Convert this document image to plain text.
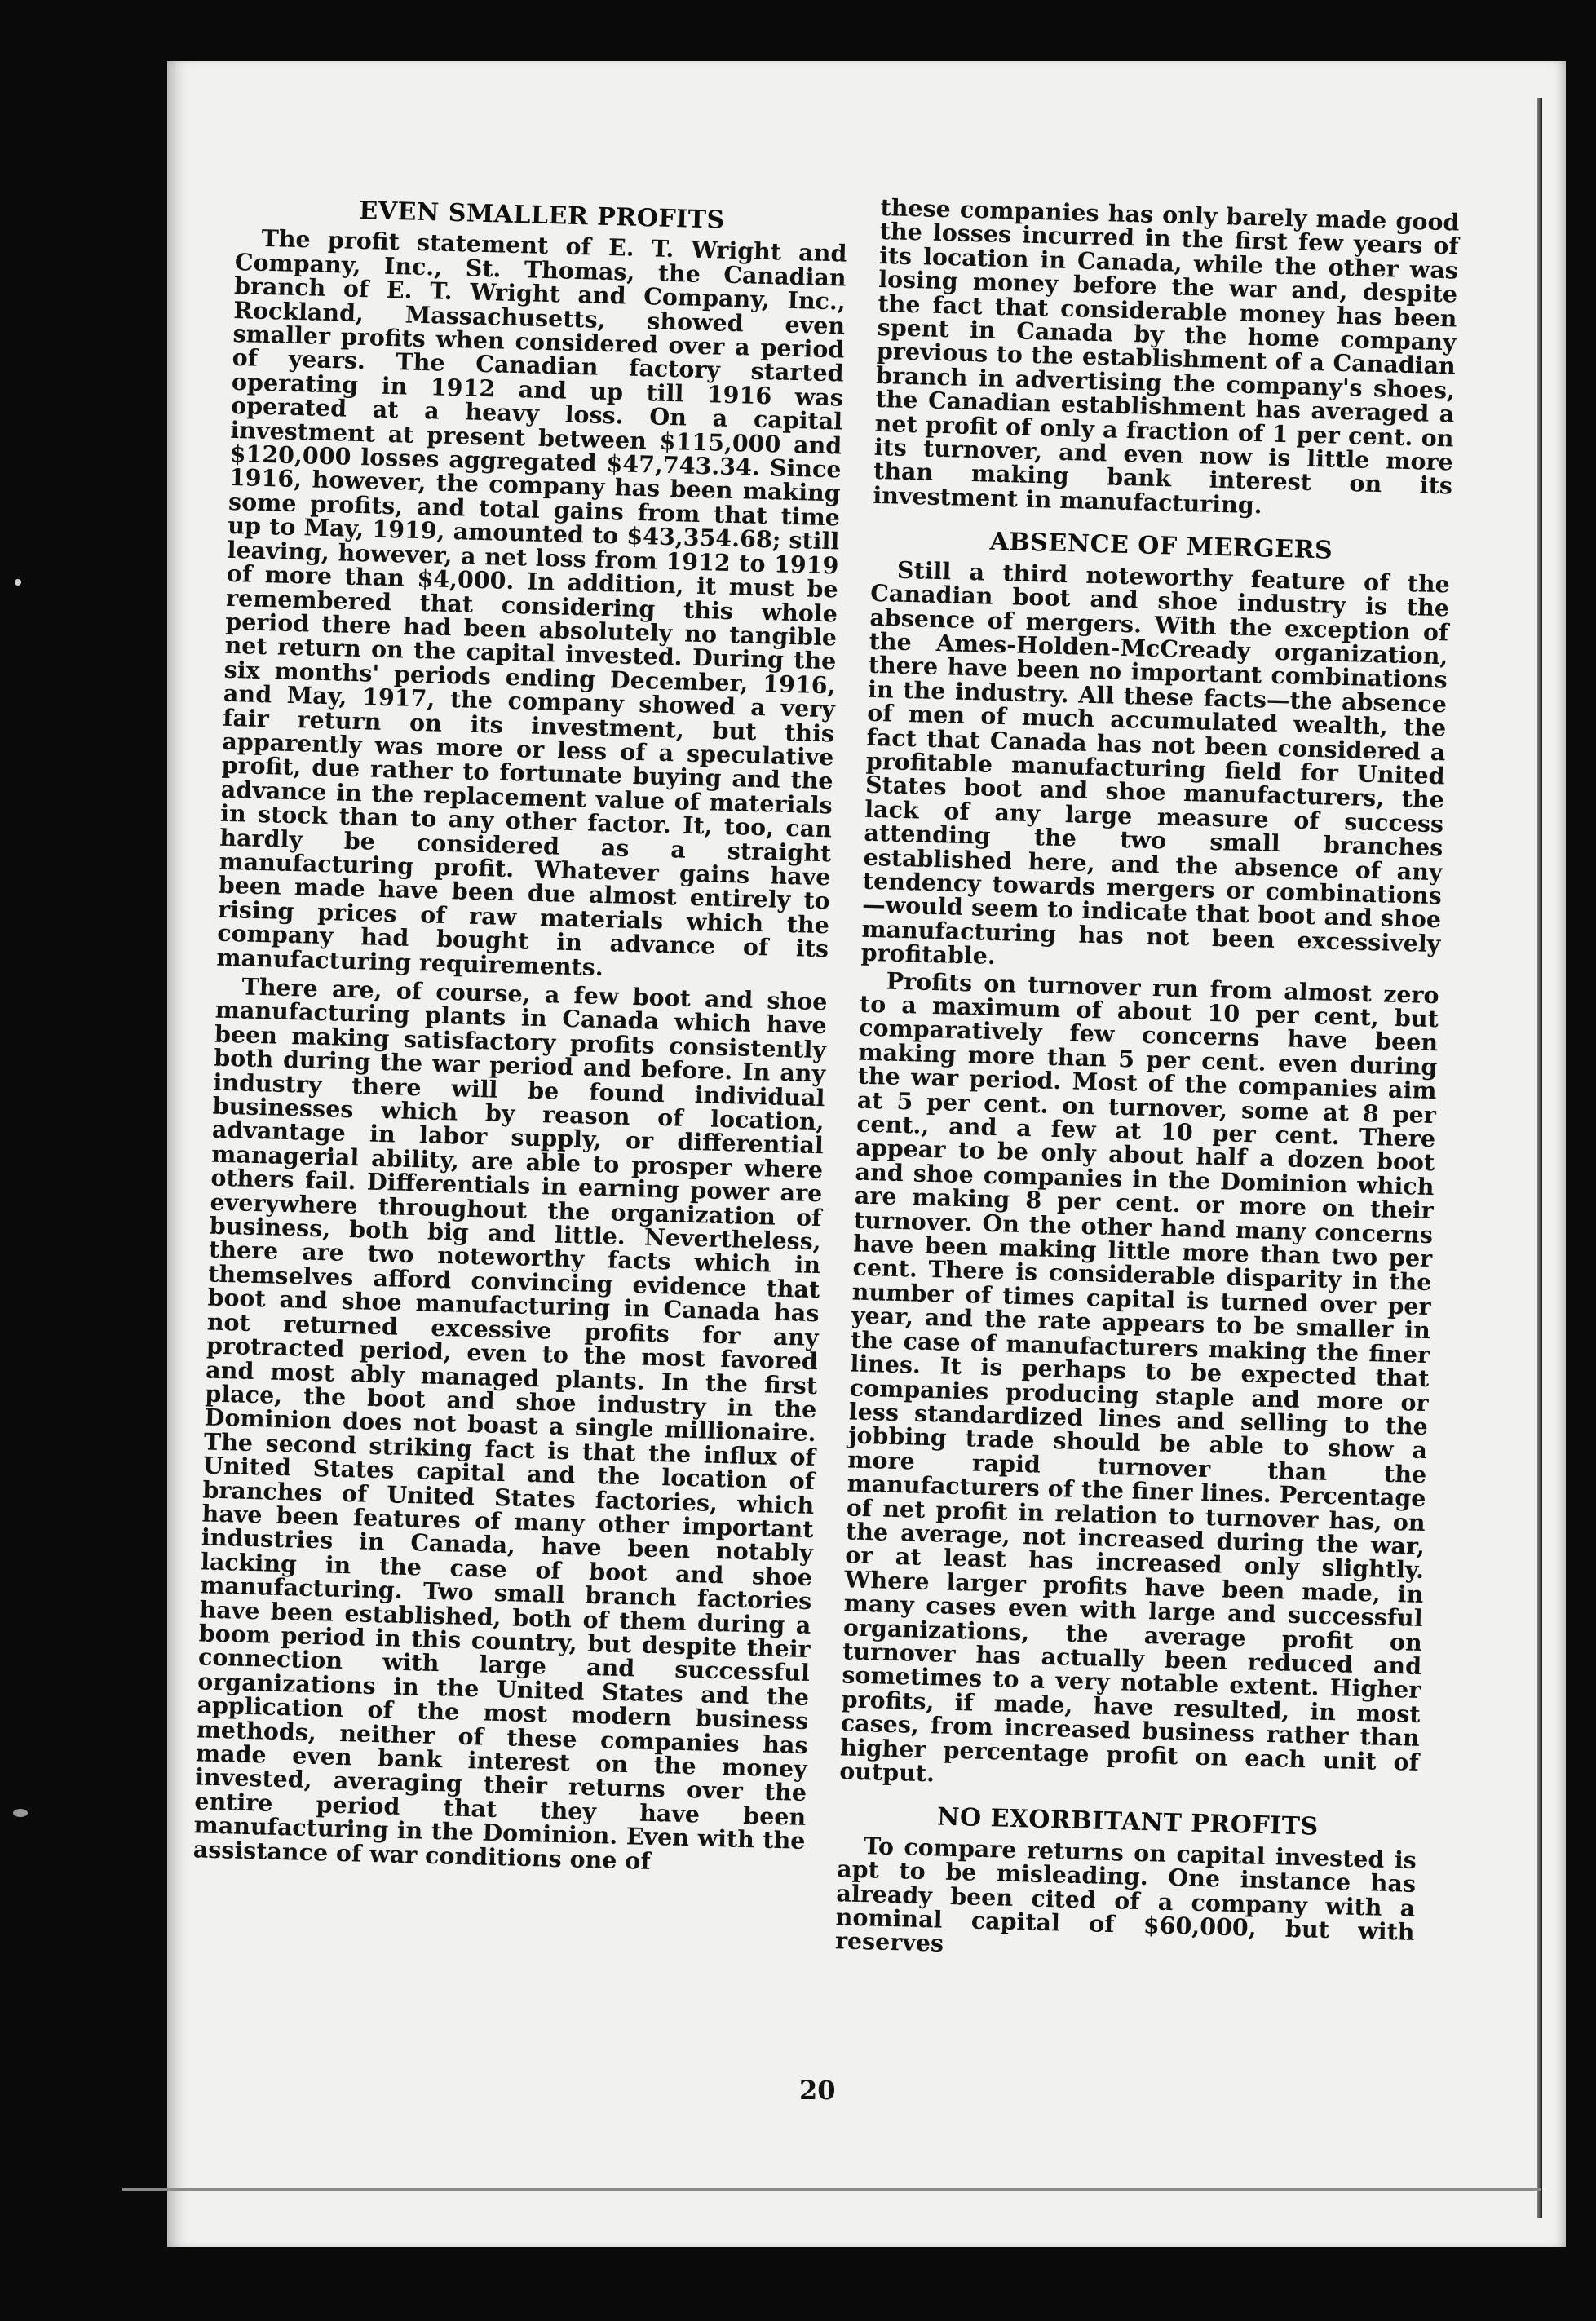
EVEN SMALLER PROFITS

The profit statement of E. T. Wright and Company, Inc., St. Thomas, the Canadian branch of E. T. Wright and Company, Inc., Rockland, Massachusetts, showed even smaller profits when considered over a period of years. The Canadian factory started operating in 1912 and up till 1916 was operated at a heavy loss. On a capital investment at present between $115,000 and $120,000 losses aggregated $47,743.34. Since 1916, however, the company has been making some profits, and total gains from that time up to May, 1919, amounted to $43,354.68; still leaving, however, a net loss from 1912 to 1919 of more than $4,000. In addition, it must be remembered that considering this whole period there had been absolutely no tangible net return on the capital invested. During the six months' periods ending December, 1916, and May, 1917, the company showed a very fair return on its investment, but this apparently was more or less of a speculative profit, due rather to fortunate buying and the advance in the replacement value of materials in stock than to any other factor. It, too, can hardly be considered as a straight manufacturing profit. Whatever gains have been made have been due almost entirely to rising prices of raw materials which the company had bought in advance of its manufacturing requirements.

There are, of course, a few boot and shoe manufacturing plants in Canada which have been making satisfactory profits consistently both during the war period and before. In any industry there will be found individual businesses which by reason of location, advantage in labor supply, or differential managerial ability, are able to prosper where others fail. Differentials in earning power are everywhere throughout the organization of business, both big and little. Nevertheless, there are two noteworthy facts which in themselves afford convincing evidence that boot and shoe manufacturing in Canada has not returned excessive profits for any protracted period, even to the most favored and most ably managed plants. In the first place, the boot and shoe industry in the Dominion does not boast a single millionaire. The second striking fact is that the influx of United States capital and the location of branches of United States factories, which have been features of many other important industries in Canada, have been notably lacking in the case of boot and shoe manufacturing. Two small branch factories have been established, both of them during a boom period in this country, but despite their connection with large and successful organizations in the United States and the application of the most modern business methods, neither of these companies has made even bank interest on the money invested, averaging their returns over the entire period that they have been manufacturing in the Dominion. Even with the assistance of war conditions one of

these companies has only barely made good the losses incurred in the first few years of its location in Canada, while the other was losing money before the war and, despite the fact that considerable money has been spent in Canada by the home company previous to the establishment of a Canadian branch in advertising the company's shoes, the Canadian establishment has averaged a net profit of only a fraction of 1 per cent. on its turnover, and even now is little more than making bank interest on its investment in manufacturing.

ABSENCE OF MERGERS

Still a third noteworthy feature of the Canadian boot and shoe industry is the absence of mergers. With the exception of the Ames-Holden-McCready organization, there have been no important combinations in the industry. All these facts—the absence of men of much accumulated wealth, the fact that Canada has not been considered a profitable manufacturing field for United States boot and shoe manufacturers, the lack of any large measure of success attending the two small branches established here, and the absence of any tendency towards mergers or combinations—would seem to indicate that boot and shoe manufacturing has not been excessively profitable.

Profits on turnover run from almost zero to a maximum of about 10 per cent, but comparatively few concerns have been making more than 5 per cent. even during the war period. Most of the companies aim at 5 per cent. on turnover, some at 8 per cent., and a few at 10 per cent. There appear to be only about half a dozen boot and shoe companies in the Dominion which are making 8 per cent. or more on their turnover. On the other hand many concerns have been making little more than two per cent. There is considerable disparity in the number of times capital is turned over per year, and the rate appears to be smaller in the case of manufacturers making the finer lines. It is perhaps to be expected that companies producing staple and more or less standardized lines and selling to the jobbing trade should be able to show a more rapid turnover than the manufacturers of the finer lines. Percentage of net profit in relation to turnover has, on the average, not increased during the war, or at least has increased only slightly. Where larger profits have been made, in many cases even with large and successful organizations, the average profit on turnover has actually been reduced and sometimes to a very notable extent. Higher profits, if made, have resulted, in most cases, from increased business rather than higher percentage profit on each unit of output.

NO EXORBITANT PROFITS

To compare returns on capital invested is apt to be misleading. One instance has already been cited of a company with a nominal capital of $60,000, but with reserves

20
